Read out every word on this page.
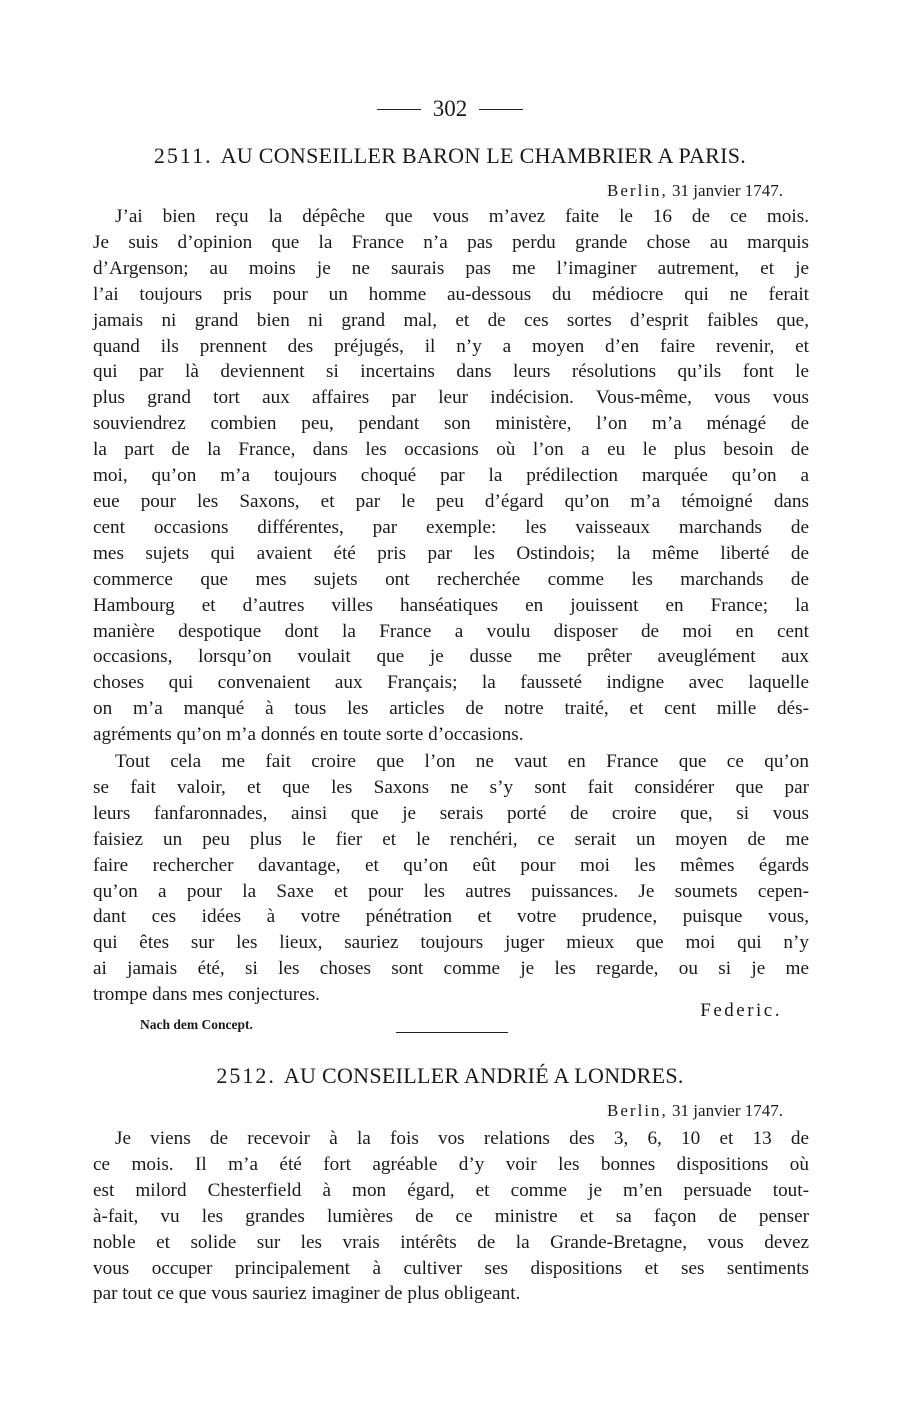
302
2511. AU CONSEILLER BARON LE CHAMBRIER A PARIS.
Berlin, 31 janvier 1747.
J’ai bien reçu la dépêche que vous m’avez faite le 16 de ce mois.
Je suis d’opinion que la France n’a pas perdu grande chose au marquis
d’Argenson; au moins je ne saurais pas me l’imaginer autrement, et je
l’ai toujours pris pour un homme au-dessous du médiocre qui ne ferait
jamais ni grand bien ni grand mal, et de ces sortes d’esprit faibles que,
quand ils prennent des préjugés, il n’y a moyen d’en faire revenir, et
qui par là deviennent si incertains dans leurs résolutions qu’ils font le
plus grand tort aux affaires par leur indécision. Vous-même, vous vous
souviendrez combien peu, pendant son ministère, l’on m’a ménagé de
la part de la France, dans les occasions où l’on a eu le plus besoin de
moi, qu’on m’a toujours choqué par la prédilection marquée qu’on a
eue pour les Saxons, et par le peu d’égard qu’on m’a témoigné dans
cent occasions différentes, par exemple: les vaisseaux marchands de
mes sujets qui avaient été pris par les Ostindois; la même liberté de
commerce que mes sujets ont recherchée comme les marchands de
Hambourg et d’autres villes hanséatiques en jouissent en France; la
manière despotique dont la France a voulu disposer de moi en cent
occasions, lorsqu’on voulait que je dusse me prêter aveuglément aux
choses qui convenaient aux Français; la fausseté indigne avec laquelle
on m’a manqué à tous les articles de notre traité, et cent mille dés-
agréments qu’on m’a donnés en toute sorte d’occasions.
Tout cela me fait croire que l’on ne vaut en France que ce qu’on
se fait valoir, et que les Saxons ne s’y sont fait considérer que par
leurs fanfaronnades, ainsi que je serais porté de croire que, si vous
faisiez un peu plus le fier et le renchéri, ce serait un moyen de me
faire rechercher davantage, et qu’on eût pour moi les mêmes égards
qu’on a pour la Saxe et pour les autres puissances. Je soumets cepen-
dant ces idées à votre pénétration et votre prudence, puisque vous,
qui êtes sur les lieux, sauriez toujours juger mieux que moi qui n’y
ai jamais été, si les choses sont comme je les regarde, ou si je me
trompe dans mes conjectures.
Federic.
Nach dem Concept.
2512. AU CONSEILLER ANDRIÉ A LONDRES.
Berlin, 31 janvier 1747.
Je viens de recevoir à la fois vos relations des 3, 6, 10 et 13 de
ce mois. Il m’a été fort agréable d’y voir les bonnes dispositions où
est milord Chesterfield à mon égard, et comme je m’en persuade tout-
à-fait, vu les grandes lumières de ce ministre et sa façon de penser
noble et solide sur les vrais intérêts de la Grande-Bretagne, vous devez
vous occuper principalement à cultiver ses dispositions et ses sentiments
par tout ce que vous sauriez imaginer de plus obligeant.
